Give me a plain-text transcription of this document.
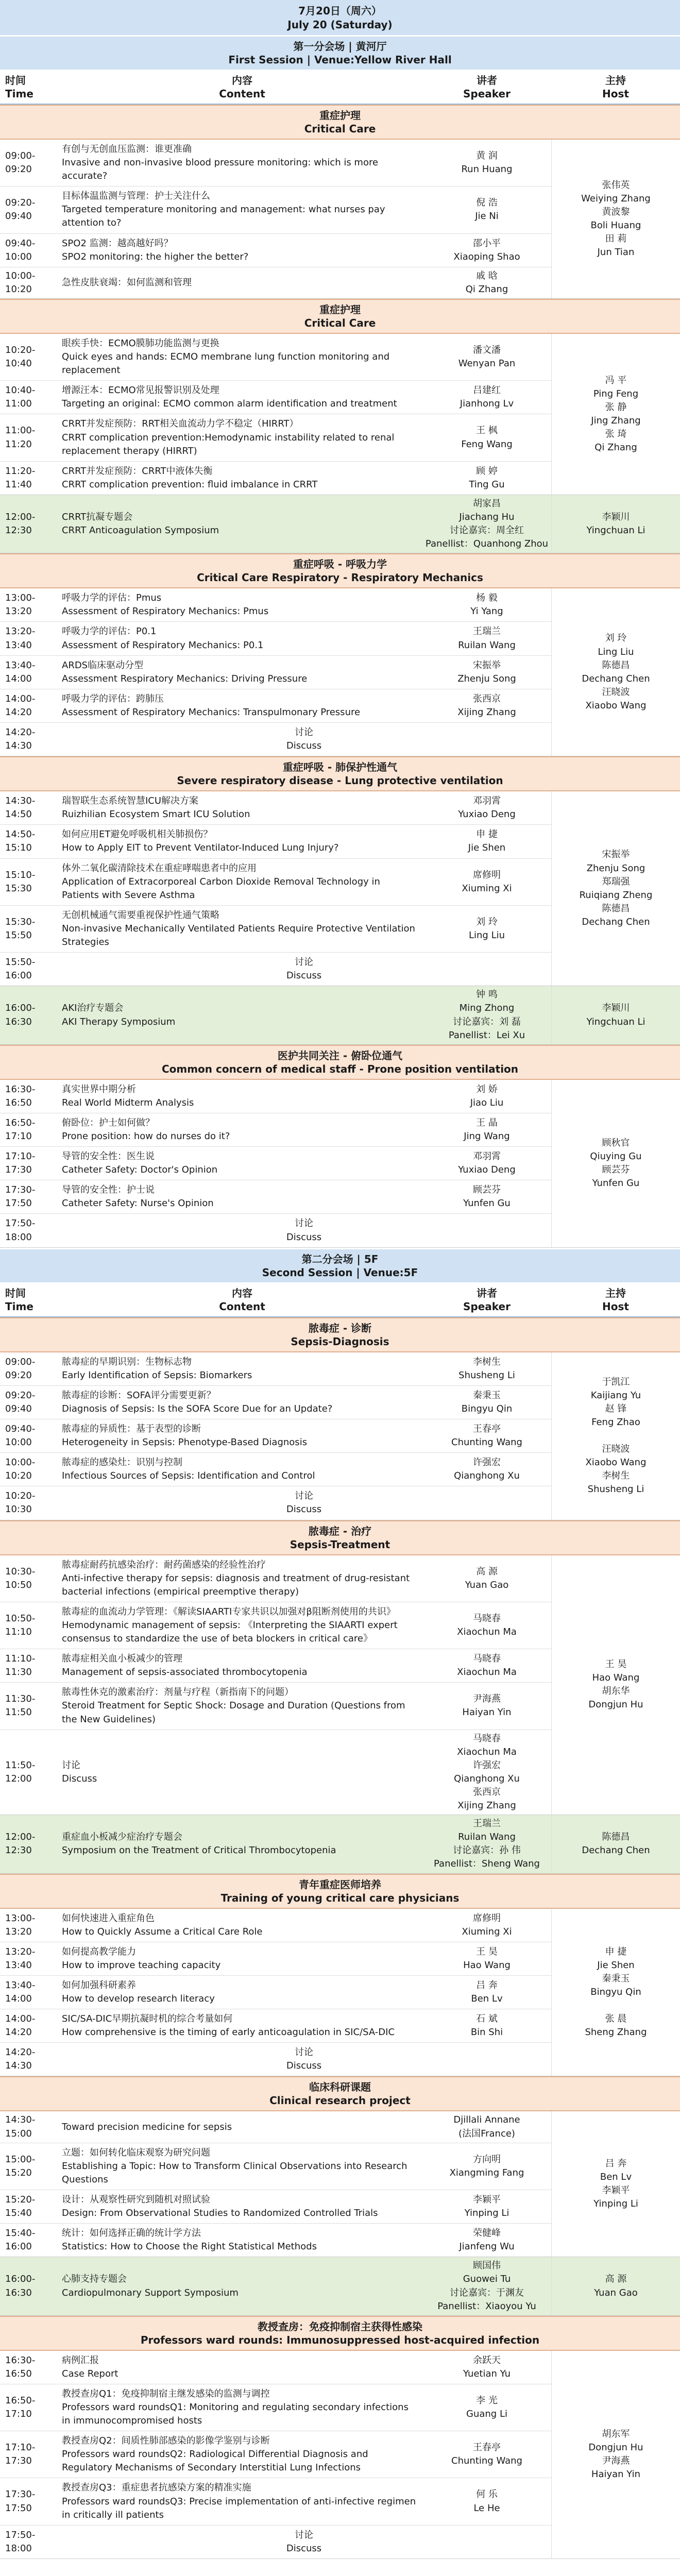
7月20日（周六）
July 20 (Saturday)
第一分会场 | 黄河厅
First Session | Venue:Yellow River Hall
时间
Time
内容
Content
讲者
Speaker
主持
Host
重症护理
Critical Care
09:00-09:20
有创与无创血压监测：谁更准确
Invasive and non-invasive blood pressure monitoring: which is more accurate?
黄 润
Run Huang
09:20-09:40
目标体温监测与管理：护士关注什么
Targeted temperature monitoring and management: what nurses pay attention to?
倪 浩
Jie Ni
09:40-10:00
SPO2 监测：越高越好吗？
SPO2 monitoring: the higher the better?
邵小平
Xiaoping Shao
10:00-10:20
急性皮肤衰竭：如何监测和管理
戚 晗
Qi Zhang
张伟英
Weiying Zhang
黄波黎
Boli Huang
田 莉
Jun Tian
重症护理
Critical Care
10:20-10:40
眼疾手快：ECMO膜肺功能监测与更换
Quick eyes and hands: ECMO membrane lung function monitoring and replacement
潘文潘
Wenyan Pan
10:40-11:00
增源汪本：ECMO常见报警识别及处理
Targeting an original: ECMO common alarm identification and treatment
吕建红
Jianhong Lv
11:00-11:20
CRRT并发症预防：RRT相关血流动力学不稳定（HIRRT）
CRRT complication prevention:Hemodynamic instability related to renal replacement therapy (HIRRT)
王 枫
Feng Wang
11:20-11:40
CRRT并发症预防：CRRT中液体失衡
CRRT complication prevention: fluid imbalance in CRRT
顾 婷
Ting Gu
冯 平
Ping Feng
张 静
Jing Zhang
张 琦
Qi Zhang
12:00-12:30
CRRT抗凝专题会
CRRT Anticoagulation Symposium
胡家昌
Jiachang Hu
讨论嘉宾：周全红
Panellist：Quanhong Zhou
李颖川
Yingchuan Li
重症呼吸 - 呼吸力学
Critical Care Respiratory - Respiratory Mechanics
13:00-13:20
呼吸力学的评估：Pmus
Assessment of Respiratory Mechanics: Pmus
杨 毅
Yi Yang
13:20-13:40
呼吸力学的评估：P0.1
Assessment of Respiratory Mechanics: P0.1
王瑞兰
Ruilan Wang
13:40-14:00
ARDS临床驱动分型
Assessment Respiratory Mechanics: Driving Pressure
宋振举
Zhenju Song
14:00-14:20
呼吸力学的评估：跨肺压
Assessment of Respiratory Mechanics: Transpulmonary Pressure
张西京
Xijing Zhang
14:20-14:30
讨论
Discuss
刘 玲
Ling Liu
陈德昌
Dechang Chen
汪晓波
Xiaobo Wang
重症呼吸 - 肺保护性通气
Severe respiratory disease - Lung protective ventilation
14:30-14:50
瑞智联生态系统智慧ICU解决方案
Ruizhilian Ecosystem Smart ICU Solution
邓羽霄
Yuxiao Deng
14:50-15:10
如何应用ET避免呼吸机相关肺损伤？
How to Apply EIT to Prevent Ventilator-Induced Lung Injury?
申 捷
Jie Shen
15:10-15:30
体外二氧化碳清除技术在重症哮喘患者中的应用
Application of Extracorporeal Carbon Dioxide Removal Technology in Patients with Severe Asthma
席修明
Xiuming Xi
15:30-15:50
无创机械通气需要重视保护性通气策略
Non-invasive Mechanically Ventilated Patients Require Protective Ventilation Strategies
刘 玲
Ling Liu
15:50-16:00
讨论
Discuss
宋振举
Zhenju Song
郑瑞强
Ruiqiang Zheng
陈德昌
Dechang Chen
16:00-16:30
AKI治疗专题会
AKI Therapy Symposium
钟 鸣
Ming Zhong
讨论嘉宾：刘 磊
Panellist：Lei Xu
李颖川
Yingchuan Li
医护共同关注 - 俯卧位通气
Common concern of medical staff - Prone position ventilation
16:30-16:50
真实世界中期分析
Real World Midterm Analysis
刘 娇
Jiao Liu
16:50-17:10
俯卧位：护士如何做？
Prone position: how do nurses do it?
王 晶
Jing Wang
17:10-17:30
导管的安全性：医生说
Catheter Safety: Doctor's Opinion
邓羽霄
Yuxiao Deng
17:30-17:50
导管的安全性：护士说
Catheter Safety: Nurse's Opinion
顾芸芬
Yunfen Gu
17:50-18:00
讨论
Discuss
顾秋官
Qiuying Gu
顾芸芬
Yunfen Gu
第二分会场 | 5F
Second Session | Venue:5F
时间
Time
内容
Content
讲者
Speaker
主持
Host
脓毒症 - 诊断
Sepsis-Diagnosis
09:00-09:20
脓毒症的早期识别：生物标志物
Early Identification of Sepsis: Biomarkers
李树生
Shusheng Li
09:20-09:40
脓毒症的诊断：SOFA评分需要更新？
Diagnosis of Sepsis: Is the SOFA Score Due for an Update?
秦秉玉
Bingyu Qin
09:40-10:00
脓毒症的异质性：基于表型的诊断
Heterogeneity in Sepsis: Phenotype-Based Diagnosis
王春亭
Chunting Wang
10:00-10:20
脓毒症的感染灶：识别与控制
Infectious Sources of Sepsis: Identification and Control
许强宏
Qianghong Xu
10:20-10:30
讨论
Discuss
于凯江
Kaijiang Yu
赵 锋
Feng Zhao

汪晓波
Xiaobo Wang
李树生
Shusheng Li
脓毒症 - 治疗
Sepsis-Treatment
10:30-10:50
脓毒症耐药抗感染治疗：耐药菌感染的经验性治疗
Anti-infective therapy for sepsis: diagnosis and treatment of drug-resistant bacterial infections (empirical preemptive therapy)
高 源
Yuan Gao
10:50-11:10
脓毒症的血流动力学管理：《解读SIAARTI专家共识以加强对β阻断剂使用的共识》
Hemodynamic management of sepsis: 《Interpreting the SIAARTI expert consensus to standardize the use of beta blockers in critical care》
马晓春
Xiaochun Ma
11:10-11:30
脓毒症相关血小板减少的管理
Management of sepsis-associated thrombocytopenia
马晓春
Xiaochun Ma
11:30-11:50
脓毒性休克的激素治疗：剂量与疗程（新指南下的问题）
Steroid Treatment for Septic Shock: Dosage and Duration (Questions from the New Guidelines)
尹海燕
Haiyan Yin
11:50-12:00
讨论
Discuss
马晓春
Xiaochun Ma
许强宏
Qianghong Xu
张西京
Xijing Zhang
王 昊
Hao Wang
胡东华
Dongjun Hu
12:00-12:30
重症血小板减少症治疗专题会
Symposium on the Treatment of Critical Thrombocytopenia
王瑞兰
Ruilan Wang
讨论嘉宾：孙 伟
Panellist：Sheng Wang
陈德昌
Dechang Chen
青年重症医师培养
Training of young critical care physicians
13:00-13:20
如何快速进入重症角色
How to Quickly Assume a Critical Care Role
席修明
Xiuming Xi
13:20-13:40
如何提高教学能力
How to improve teaching capacity
王 昊
Hao Wang
13:40-14:00
如何加强科研素养
How to develop research literacy
吕 奔
Ben Lv
14:00-14:20
SIC/SA-DIC早期抗凝时机的综合考量如何
How comprehensive is the timing of early anticoagulation in SIC/SA-DIC
石 斌
Bin Shi
14:20-14:30
讨论
Discuss
申 捷
Jie Shen
秦秉玉
Bingyu Qin

张 晨
Sheng Zhang
临床科研课题
Clinical research project
14:30-15:00
Toward precision medicine for sepsis
Djillali Annane
(法国France)
15:00-15:20
立题：如何转化临床观察为研究问题
Establishing a Topic: How to Transform Clinical Observations into Research Questions
方向明
Xiangming Fang
15:20-15:40
设计：从观察性研究到随机对照试验
Design: From Observational Studies to Randomized Controlled Trials
李颖平
Yinping Li
15:40-16:00
统计：如何选择正确的统计学方法
Statistics: How to Choose the Right Statistical Methods
荣健峰
Jianfeng Wu
吕 奔
Ben Lv
李颖平
Yinping Li
16:00-16:30
心肺支持专题会
Cardiopulmonary Support Symposium
顾国伟
Guowei Tu
讨论嘉宾：于渊友
Panellist：Xiaoyou Yu
高 源
Yuan Gao
教授查房：免疫抑制宿主获得性感染
Professors ward rounds: Immunosuppressed host-acquired infection
16:30-16:50
病例汇报
Case Report
余跃天
Yuetian Yu
16:50-17:10
教授查房Q1：免疫抑制宿主继发感染的监测与调控
Professors ward roundsQ1: Monitoring and regulating secondary infections in immunocompromised hosts
李 光
Guang Li
17:10-17:30
教授查房Q2：间质性肺部感染的影像学鉴别与诊断
Professors ward roundsQ2: Radiological Differential Diagnosis and Regulatory Mechanisms of Secondary Interstitial Lung Infections
王春亭
Chunting Wang
17:30-17:50
教授查房Q3：重症患者抗感染方案的精准实施
Professors ward roundsQ3: Precise implementation of anti-infective regimen in critically ill patients
何 乐
Le He
17:50-18:00
讨论
Discuss
胡东军
Dongjun Hu
尹海燕
Haiyan Yin
